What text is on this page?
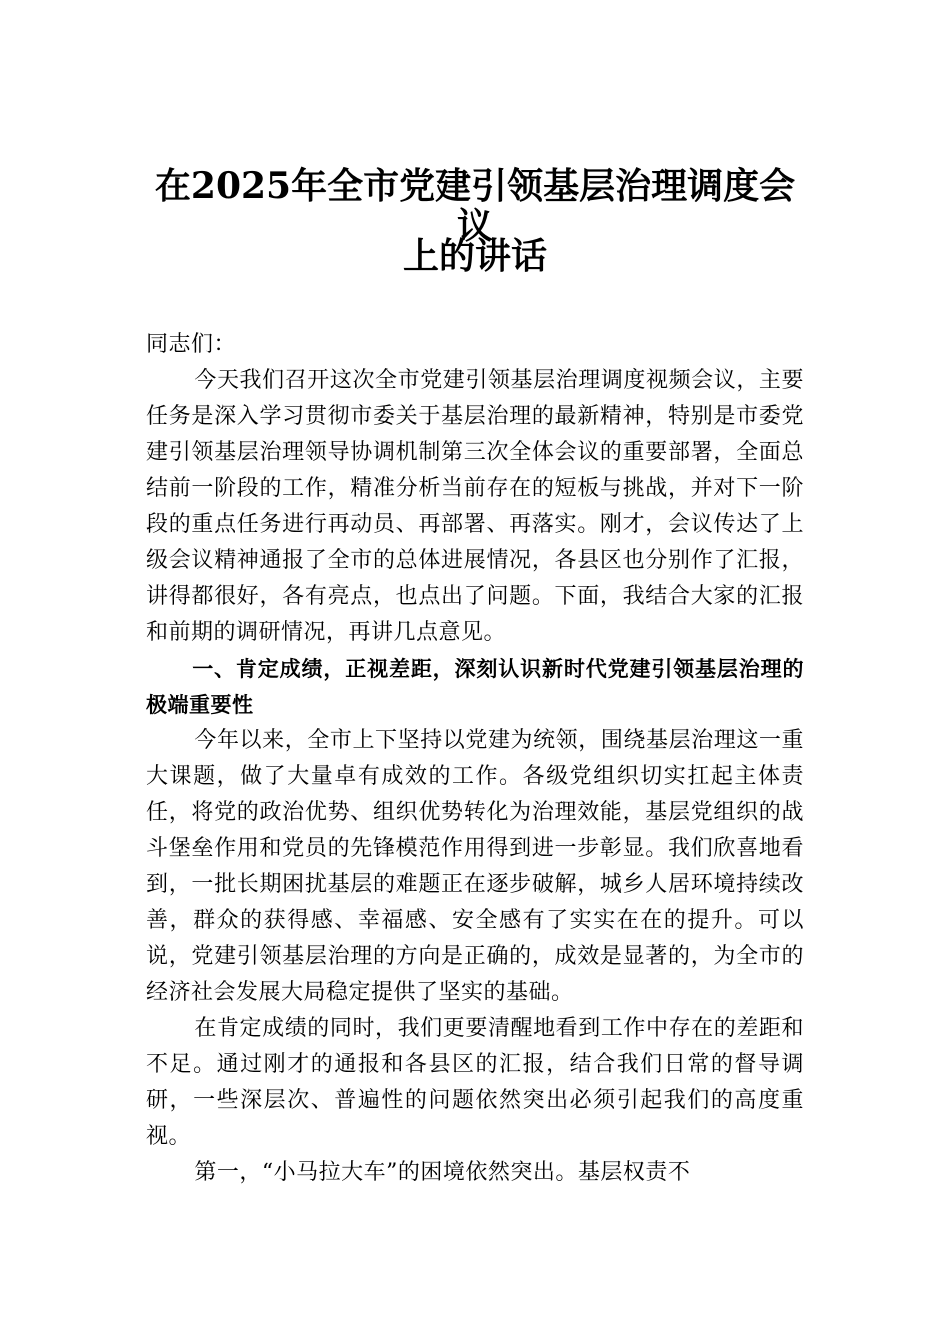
在2025年全市党建引领基层治理调度会议
上的讲话

同志们：

今天我们召开这次全市党建引领基层治理调度视频会议，主要任务是深入学习贯彻市委关于基层治理的最新精神，特别是市委党建引领基层治理领导协调机制第三次全体会议的重要部署，全面总结前一阶段的工作，精准分析当前存在的短板与挑战，并对下一阶段的重点任务进行再动员、再部署、再落实。刚才，会议传达了上级会议精神通报了全市的总体进展情况，各县区也分别作了汇报，讲得都很好，各有亮点，也点出了问题。下面，我结合大家的汇报和前期的调研情况，再讲几点意见。

一、肯定成绩，正视差距，深刻认识新时代党建引领基层治理的极端重要性

今年以来，全市上下坚持以党建为统领，围绕基层治理这一重大课题，做了大量卓有成效的工作。各级党组织切实扛起主体责任，将党的政治优势、组织优势转化为治理效能，基层党组织的战斗堡垒作用和党员的先锋模范作用得到进一步彰显。我们欣喜地看到，一批长期困扰基层的难题正在逐步破解，城乡人居环境持续改善，群众的获得感、幸福感、安全感有了实实在在的提升。可以说，党建引领基层治理的方向是正确的，成效是显著的，为全市的经济社会发展大局稳定提供了坚实的基础。

在肯定成绩的同时，我们更要清醒地看到工作中存在的差距和不足。通过刚才的通报和各县区的汇报，结合我们日常的督导调研，一些深层次、普遍性的问题依然突出必须引起我们的高度重视。

第一，“小马拉大车”的困境依然突出。基层权责不
